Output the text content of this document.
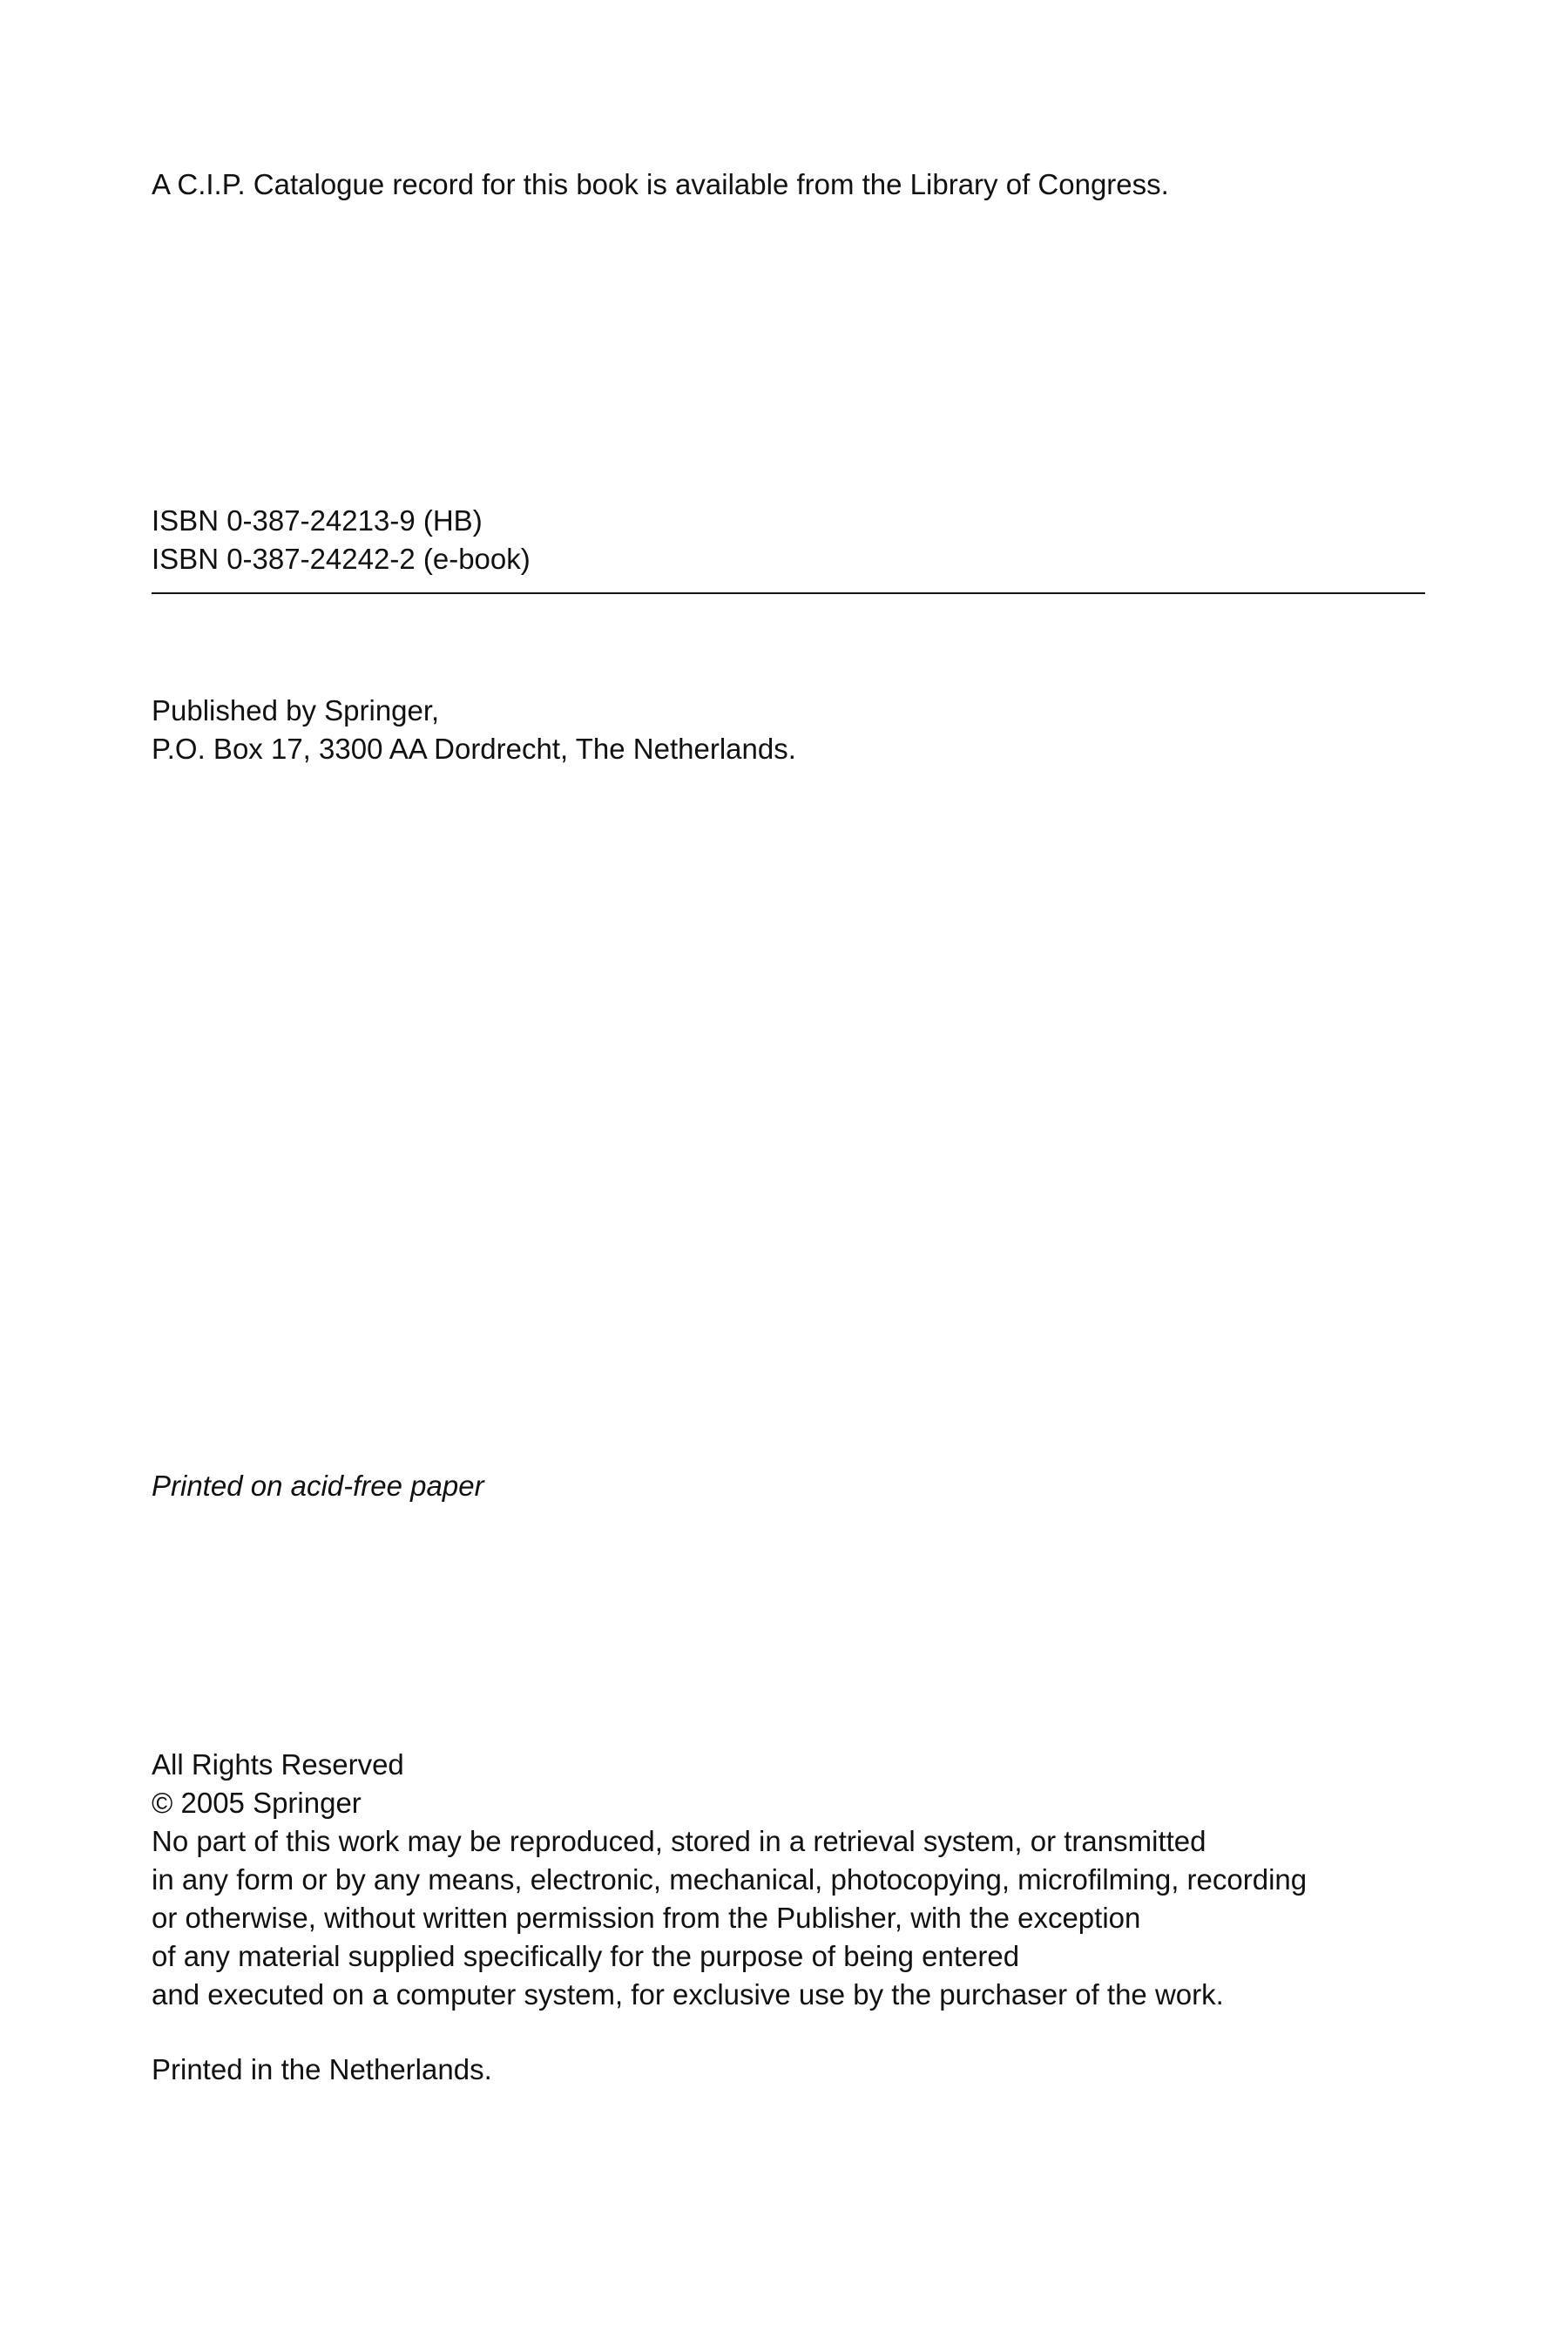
A C.I.P. Catalogue record for this book is available from the Library of Congress.

ISBN 0-387-24213-9 (HB)

ISBN 0-387-24242-2 (e-book)

Published by Springer,

P.O. Box 17, 3300 AA Dordrecht, The Netherlands.

Printed on acid-free paper

All Rights Reserved

© 2005 Springer

No part of this work may be reproduced, stored in a retrieval system, or transmitted

in any form or by any means, electronic, mechanical, photocopying, microfilming, recording

or otherwise, without written permission from the Publisher, with the exception

of any material supplied specifically for the purpose of being entered

and executed on a computer system, for exclusive use by the purchaser of the work.

Printed in the Netherlands.
